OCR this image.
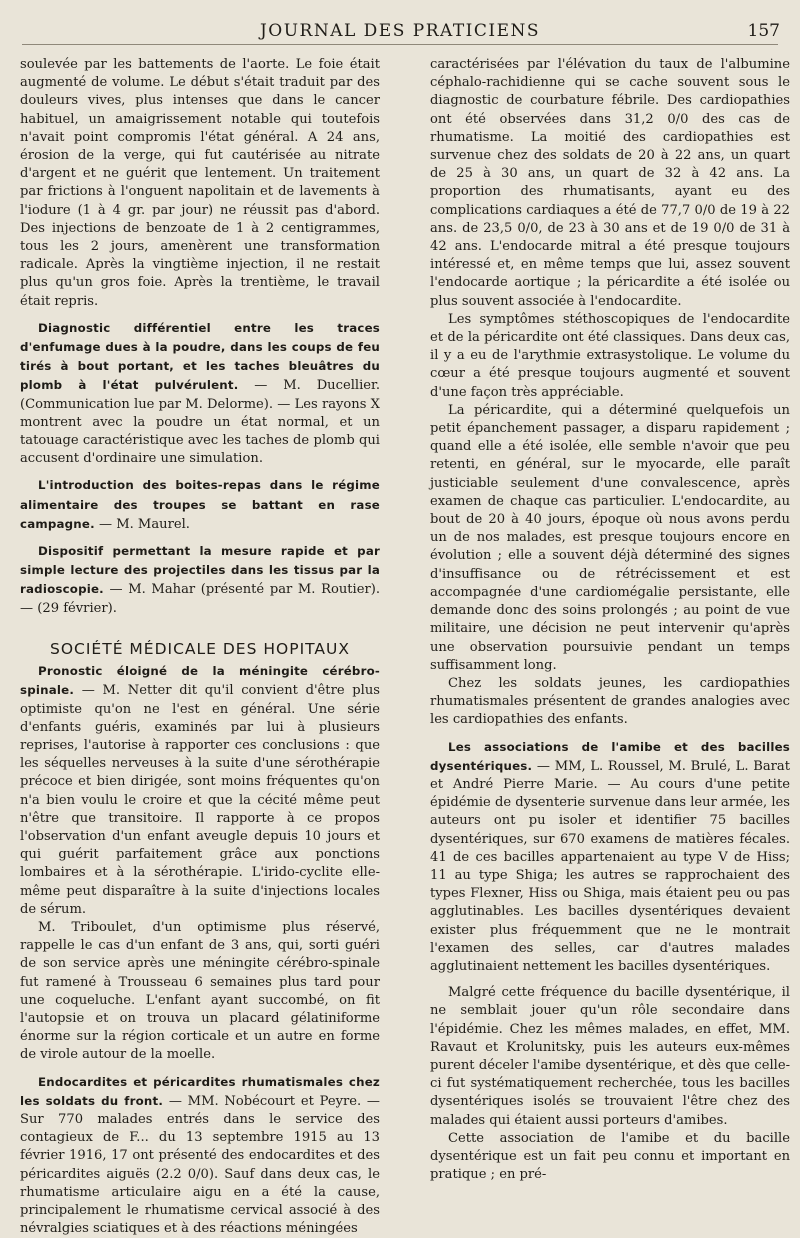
JOURNAL DES PRATICIENS	157

soulevée par les battements de l'aorte. Le foie était augmenté de volume. Le début s'était traduit par des douleurs vives, plus intenses que dans le cancer habituel, un amaigrissement notable qui toutefois n'avait point compromis l'état général. A 24 ans, érosion de la verge, qui fut cautérisée au nitrate d'argent et ne guérit que lentement. Un traitement par frictions à l'onguent napolitain et de lavements à l'iodure (1 à 4 gr. par jour) ne réussit pas d'abord. Des injections de benzoate de 1 à 2 centigrammes, tous les 2 jours, amenèrent une transformation radicale. Après la vingtième injection, il ne restait plus qu'un gros foie. Après la trentième, le travail était repris.

Diagnostic différentiel entre les traces d'enfumage dues à la poudre, dans les coups de feu tirés à bout portant, et les taches bleuâtres du plomb à l'état pulvérulent. — M. Ducellier. (Communication lue par M. Delorme). — Les rayons X montrent avec la poudre un état normal, et un tatouage caractéristique avec les taches de plomb qui accusent d'ordinaire une simulation.

L'introduction des boites-repas dans le régime alimentaire des troupes se battant en rase campagne. — M. Maurel.

Dispositif permettant la mesure rapide et par simple lecture des projectiles dans les tissus par la radioscopie. — M. Mahar (présenté par M. Routier). — (29 février).

SOCIÉTÉ MÉDICALE DES HOPITAUX

Pronostic éloigné de la méningite cérébro-spinale. — M. Netter dit qu'il convient d'être plus optimiste qu'on ne l'est en général. Une série d'enfants guéris, examinés par lui à plusieurs reprises, l'autorise à rapporter ces conclusions : que les séquelles nerveuses à la suite d'une sérothérapie précoce et bien dirigée, sont moins fréquentes qu'on n'a bien voulu le croire et que la cécité même peut n'être que transitoire. Il rapporte à ce propos l'observation d'un enfant aveugle depuis 10 jours et qui guérit parfaitement grâce aux ponctions lombaires et à la sérothérapie. L'irido-cyclite elle-même peut disparaître à la suite d'injections locales de sérum.

M. Triboulet, d'un optimisme plus réservé, rappelle le cas d'un enfant de 3 ans, qui, sorti guéri de son service après une méningite cérébro-spinale fut ramené à Trousseau 6 semaines plus tard pour une coqueluche. L'enfant ayant succombé, on fit l'autopsie et on trouva un placard gélatiniforme énorme sur la région corticale et un autre en forme de virole autour de la moelle.

Endocardites et péricardites rhumatismales chez les soldats du front. — MM. Nobécourt et Peyre. — Sur 770 malades entrés dans le service des contagieux de F... du 13 septembre 1915 au 13 février 1916, 17 ont présenté des endocardites et des péricardites aiguës (2.2 0/0). Sauf dans deux cas, le rhumatisme articulaire aigu en a été la cause, principalement le rhumatisme cervical associé à des névralgies sciatiques et à des réactions méningées

caractérisées par l'élévation du taux de l'albumine céphalo-rachidienne qui se cache souvent sous le diagnostic de courbature fébrile. Des cardiopathies ont été observées dans 31,2 0/0 des cas de rhumatisme. La moitié des cardiopathies est survenue chez des soldats de 20 à 22 ans, un quart de 25 à 30 ans, un quart de 32 à 42 ans. La proportion des rhumatisants, ayant eu des complications cardiaques a été de 77,7 0/0 de 19 à 22 ans. de 23,5 0/0, de 23 à 30 ans et de 19 0/0 de 31 à 42 ans. L'endocarde mitral a été presque toujours intéressé et, en même temps que lui, assez souvent l'endocarde aortique ; la péricardite a été isolée ou plus souvent associée à l'endocardite.

Les symptômes stéthoscopiques de l'endocardite et de la péricardite ont été classiques. Dans deux cas, il y a eu de l'arythmie extrasystolique. Le volume du cœur a été presque toujours augmenté et souvent d'une façon très appréciable.

La péricardite, qui a déterminé quelquefois un petit épanchement passager, a disparu rapidement ; quand elle a été isolée, elle semble n'avoir que peu retenti, en général, sur le myocarde, elle paraît justiciable seulement d'une convalescence, après examen de chaque cas particulier. L'endocardite, au bout de 20 à 40 jours, époque où nous avons perdu un de nos malades, est presque toujours encore en évolution ; elle a souvent déjà déterminé des signes d'insuffisance ou de rétrécissement et est accompagnée d'une cardiomégalie persistante, elle demande donc des soins prolongés ; au point de vue militaire, une décision ne peut intervenir qu'après une observation poursuivie pendant un temps suffisamment long.

Chez les soldats jeunes, les cardiopathies rhumatismales présentent de grandes analogies avec les cardiopathies des enfants.

Les associations de l'amibe et des bacilles dysentériques. — MM, L. Roussel, M. Brulé, L. Barat et André Pierre Marie. — Au cours d'une petite épidémie de dysenterie survenue dans leur armée, les auteurs ont pu isoler et identifier 75 bacilles dysentériques, sur 670 examens de matières fécales. 41 de ces bacilles appartenaient au type V de Hiss; 11 au type Shiga; les autres se rapprochaient des types Flexner, Hiss ou Shiga, mais étaient peu ou pas agglutinables. Les bacilles dysentériques devaient exister plus fréquemment que ne le montrait l'examen des selles, car d'autres malades agglutinaient nettement les bacilles dysentériques.

Malgré cette fréquence du bacille dysentérique, il ne semblait jouer qu'un rôle secondaire dans l'épidémie. Chez les mêmes malades, en effet, MM. Ravaut et Krolunitsky, puis les auteurs eux-mêmes purent déceler l'amibe dysentérique, et dès que celle-ci fut systématiquement recherchée, tous les bacilles dysentériques isolés se trouvaient l'être chez des malades qui étaient aussi porteurs d'amibes.

Cette association de l'amibe et du bacille dysentérique est un fait peu connu et important en pratique ; en pré-
